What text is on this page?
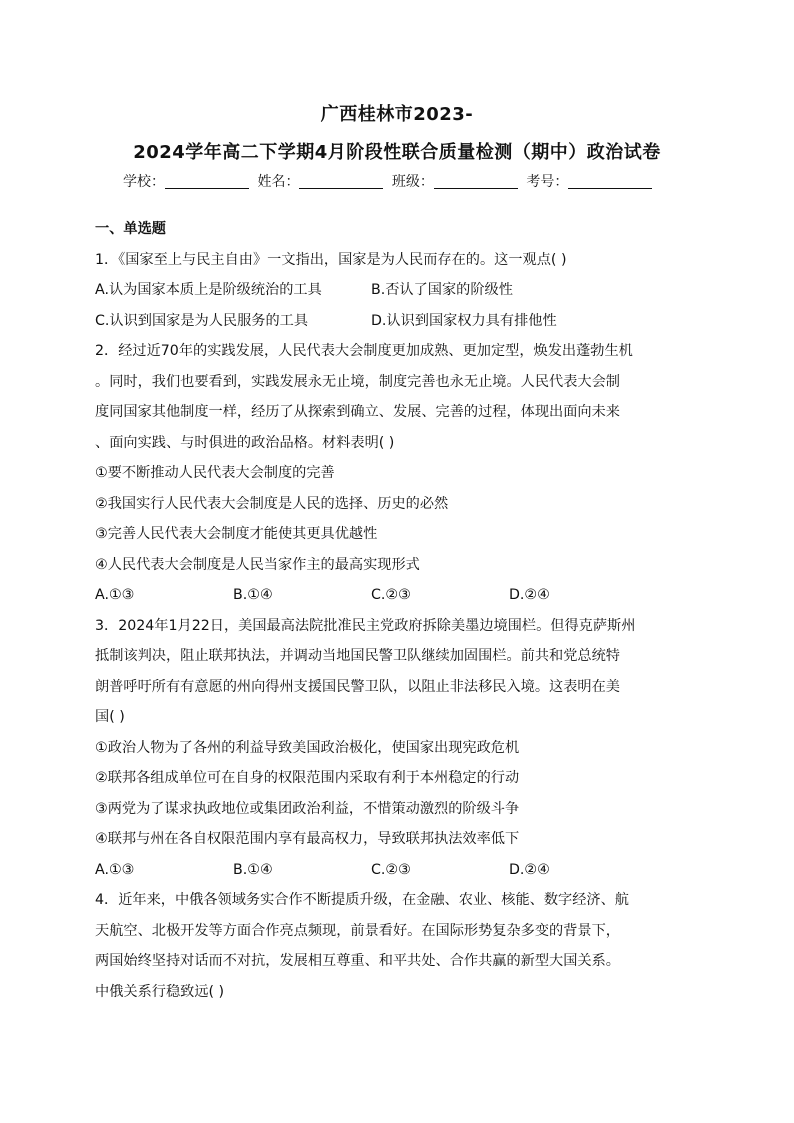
广西桂林市2023-
2024学年高二下学期4月阶段性联合质量检测（期中）政治试卷
学校：	姓名：	班级：	考号：
一、单选题
1．《国家至上与民主自由》一文指出，国家是为人民而存在的。这一观点( )
A.认为国家本质上是阶级统治的工具	B.否认了国家的阶级性
C.认识到国家是为人民服务的工具	D.认识到国家权力具有排他性
2．经过近70年的实践发展，人民代表大会制度更加成熟、更加定型，焕发出蓬勃生机
。同时，我们也要看到，实践发展永无止境，制度完善也永无止境。人民代表大会制
度同国家其他制度一样，经历了从探索到确立、发展、完善的过程，体现出面向未来
、面向实践、与时俱进的政治品格。材料表明( )
①要不断推动人民代表大会制度的完善
②我国实行人民代表大会制度是人民的选择、历史的必然
③完善人民代表大会制度才能使其更具优越性
④人民代表大会制度是人民当家作主的最高实现形式
A.①③	B.①④	C.②③	D.②④
3．2024年1月22日，美国最高法院批准民主党政府拆除美墨边境围栏。但得克萨斯州
抵制该判决，阻止联邦执法，并调动当地国民警卫队继续加固围栏。前共和党总统特
朗普呼吁所有有意愿的州向得州支援国民警卫队，以阻止非法移民入境。这表明在美
国( )
①政治人物为了各州的利益导致美国政治极化，使国家出现宪政危机
②联邦各组成单位可在自身的权限范围内采取有利于本州稳定的行动
③两党为了谋求执政地位或集团政治利益，不惜策动激烈的阶级斗争
④联邦与州在各自权限范围内享有最高权力，导致联邦执法效率低下
A.①③	B.①④	C.②③	D.②④
4．近年来，中俄各领域务实合作不断提质升级，在金融、农业、核能、数字经济、航
天航空、北极开发等方面合作亮点频现，前景看好。在国际形势复杂多变的背景下，
两国始终坚持对话而不对抗，发展相互尊重、和平共处、合作共赢的新型大国关系。
中俄关系行稳致远( )
